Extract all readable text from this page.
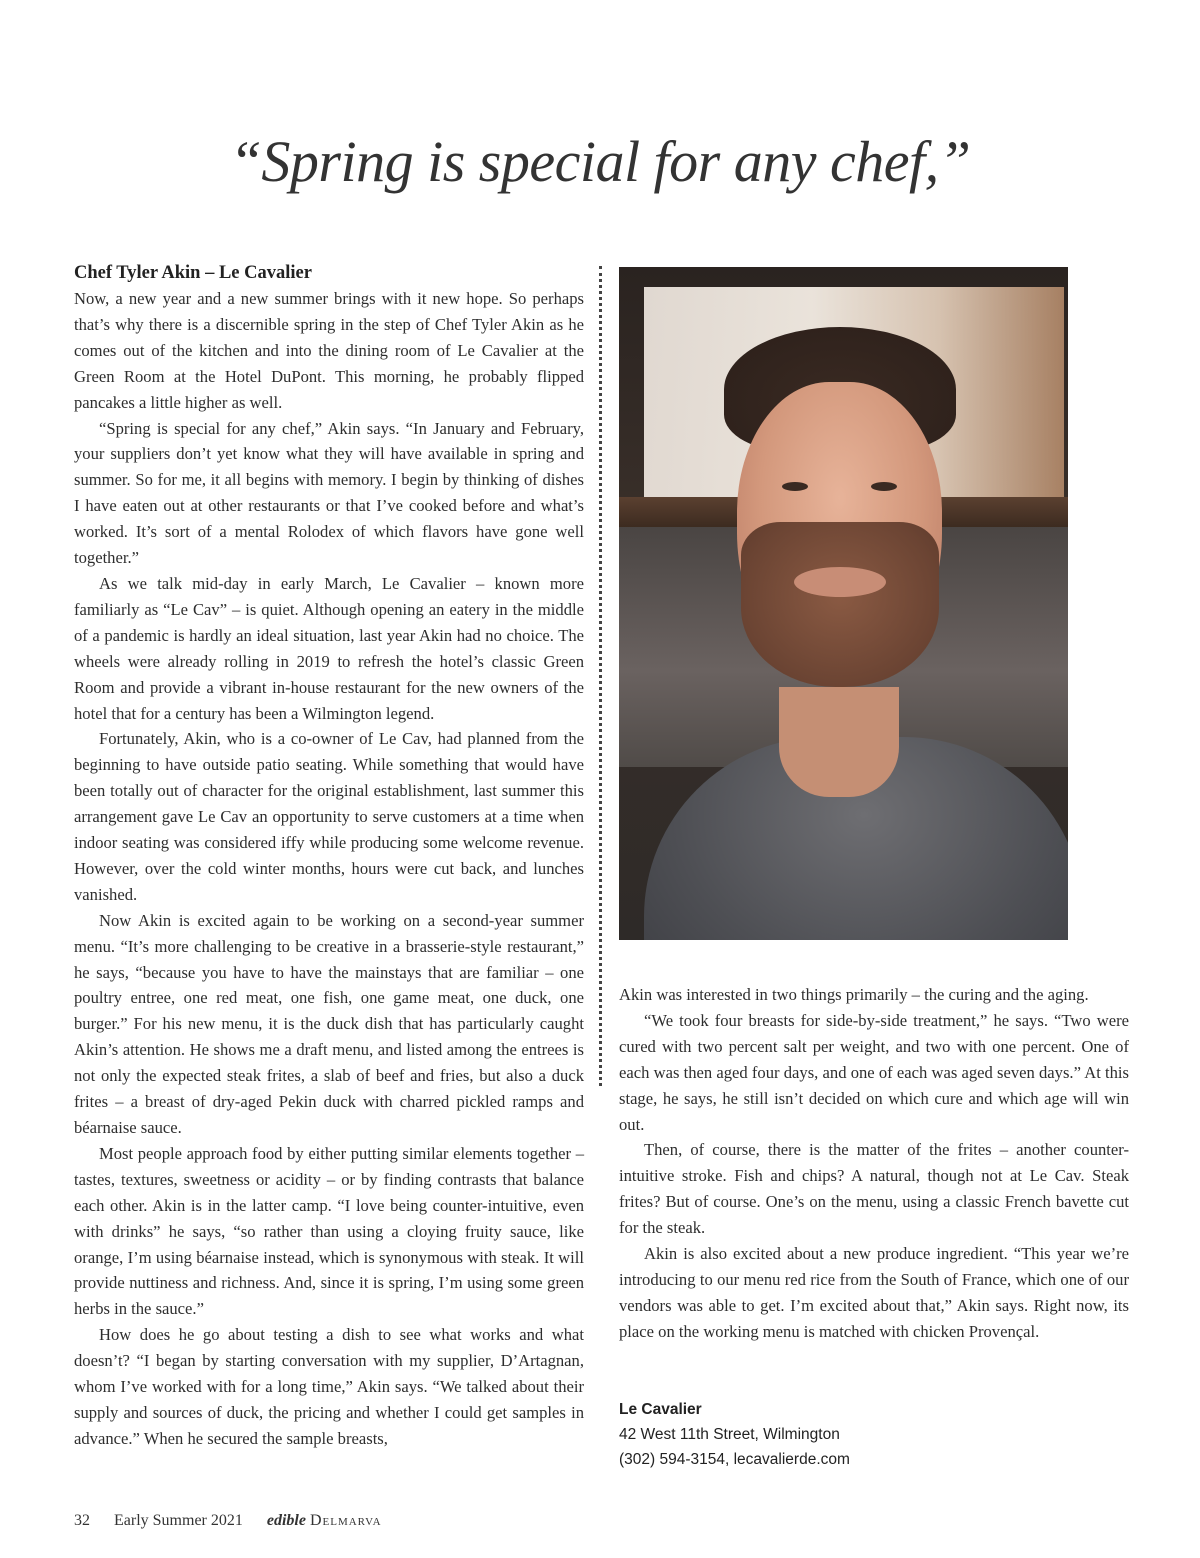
“Spring is special for any chef,”
Chef Tyler Akin – Le Cavalier

Now, a new year and a new summer brings with it new hope. So perhaps that’s why there is a discernible spring in the step of Chef Tyler Akin as he comes out of the kitchen and into the dining room of Le Cavalier at the Green Room at the Hotel DuPont. This morning, he probably flipped pancakes a little higher as well.

“Spring is special for any chef,” Akin says. “In January and February, your suppliers don’t yet know what they will have available in spring and summer. So for me, it all begins with memory. I begin by thinking of dishes I have eaten out at other restaurants or that I’ve cooked before and what’s worked. It’s sort of a mental Rolodex of which flavors have gone well together.”

As we talk mid-day in early March, Le Cavalier – known more familiarly as “Le Cav” – is quiet. Although opening an eatery in the middle of a pandemic is hardly an ideal situation, last year Akin had no choice. The wheels were already rolling in 2019 to refresh the hotel’s classic Green Room and provide a vibrant in-house restaurant for the new owners of the hotel that for a century has been a Wilmington legend.

Fortunately, Akin, who is a co-owner of Le Cav, had planned from the beginning to have outside patio seating. While something that would have been totally out of character for the original establishment, last summer this arrangement gave Le Cav an opportunity to serve customers at a time when indoor seating was considered iffy while producing some welcome revenue. However, over the cold winter months, hours were cut back, and lunches vanished.

Now Akin is excited again to be working on a second-year summer menu. “It’s more challenging to be creative in a brasserie-style restaurant,” he says, “because you have to have the mainstays that are familiar – one poultry entree, one red meat, one fish, one game meat, one duck, one burger.” For his new menu, it is the duck dish that has particularly caught Akin’s attention. He shows me a draft menu, and listed among the entrees is not only the expected steak frites, a slab of beef and fries, but also a duck frites – a breast of dry-aged Pekin duck with charred pickled ramps and béarnaise sauce.

Most people approach food by either putting similar elements together – tastes, textures, sweetness or acidity – or by finding contrasts that balance each other. Akin is in the latter camp. “I love being counter-intuitive, even with drinks” he says, “so rather than using a cloying fruity sauce, like orange, I’m using béarnaise instead, which is synonymous with steak. It will provide nuttiness and richness. And, since it is spring, I’m using some green herbs in the sauce.”

How does he go about testing a dish to see what works and what doesn’t? “I began by starting conversation with my supplier, D’Artagnan, whom I’ve worked with for a long time,” Akin says. “We talked about their supply and sources of duck, the pricing and whether I could get samples in advance.” When he secured the sample breasts,

Akin was interested in two things primarily – the curing and the aging.

“We took four breasts for side-by-side treatment,” he says. “Two were cured with two percent salt per weight, and two with one percent. One of each was then aged four days, and one of each was aged seven days.” At this stage, he says, he still isn’t decided on which cure and which age will win out.

Then, of course, there is the matter of the frites – another counter-intuitive stroke. Fish and chips? A natural, though not at Le Cav. Steak frites? But of course. One’s on the menu, using a classic French bavette cut for the steak.

Akin is also excited about a new produce ingredient. “This year we’re introducing to our menu red rice from the South of France, which one of our vendors was able to get. I’m excited about that,” Akin says. Right now, its place on the working menu is matched with chicken Provençal.

Le Cavalier
42 West 11th Street, Wilmington
(302) 594-3154, lecavalierde.com
32 Early Summer 2021 edible Delmarva
